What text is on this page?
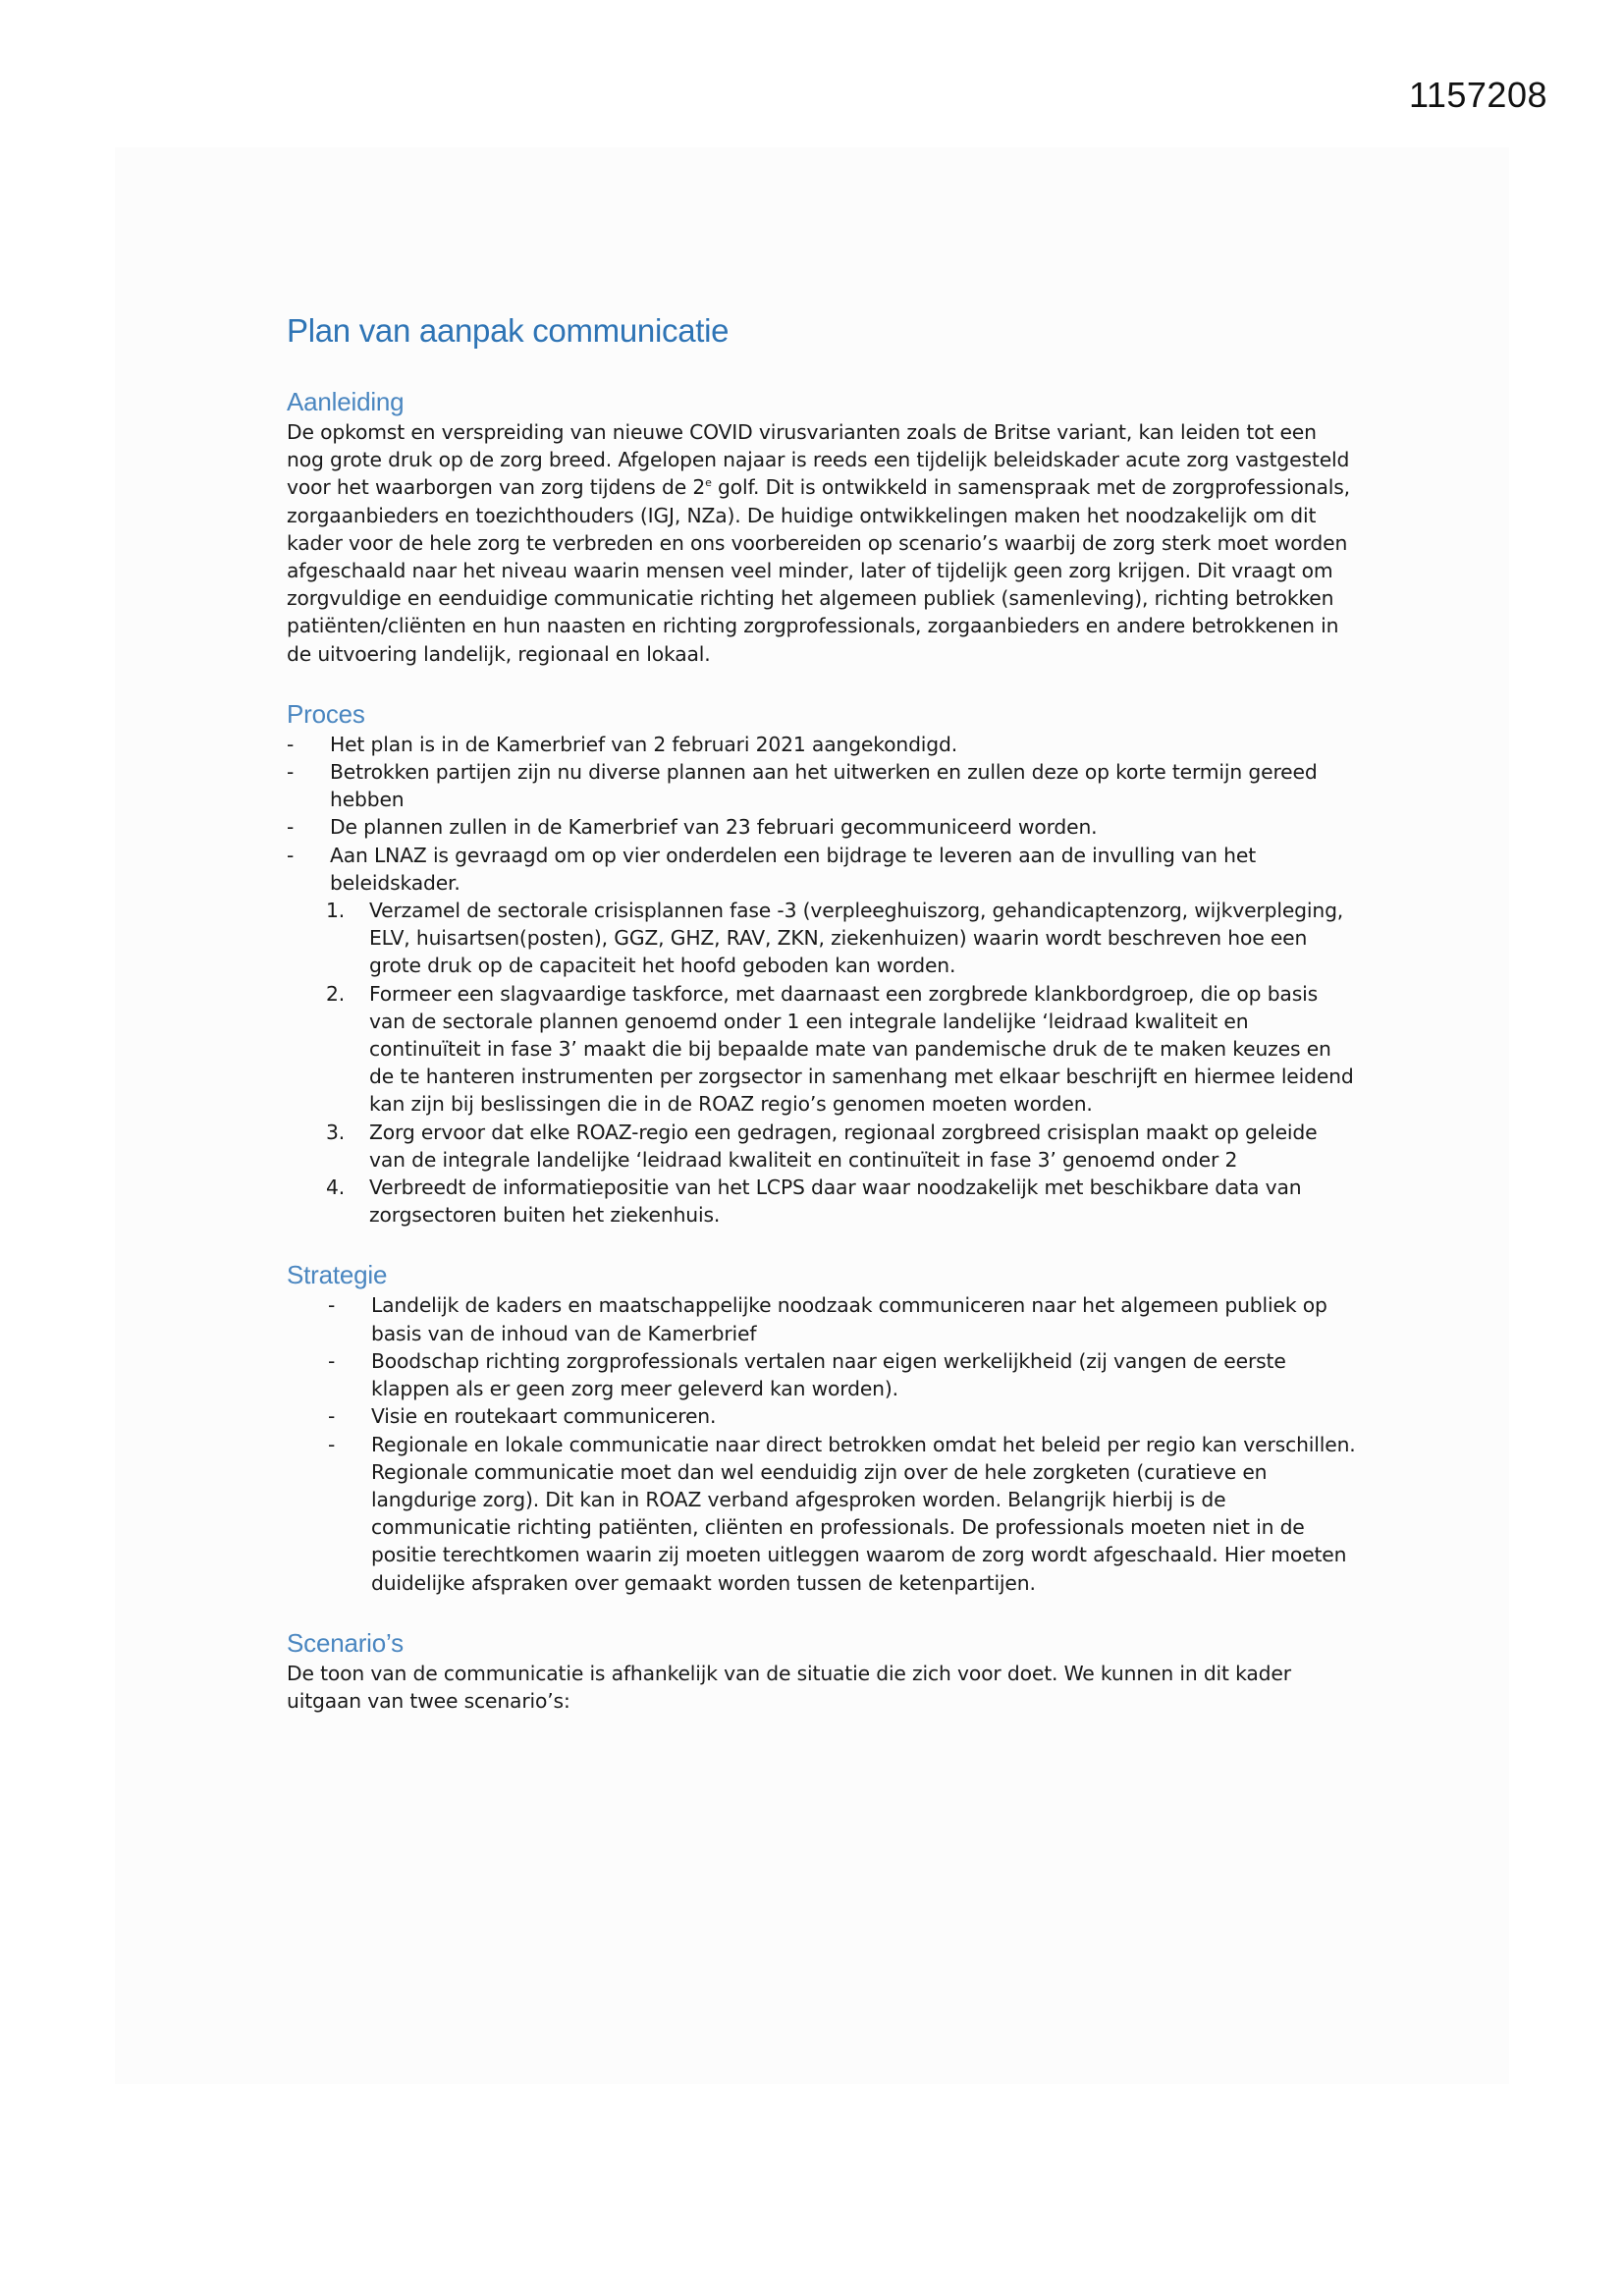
1157208
Plan van aanpak communicatie
Aanleiding

De opkomst en verspreiding van nieuwe COVID virusvarianten zoals de Britse variant, kan leiden tot een nog grote druk op de zorg breed. Afgelopen najaar is reeds een tijdelijk beleidskader acute zorg vastgesteld voor het waarborgen van zorg tijdens de 2e golf. Dit is ontwikkeld in samenspraak met de zorgprofessionals, zorgaanbieders en toezichthouders (IGJ, NZa). De huidige ontwikkelingen maken het noodzakelijk om dit kader voor de hele zorg te verbreden en ons voorbereiden op scenario’s waarbij de zorg sterk moet worden afgeschaald naar het niveau waarin mensen veel minder, later of tijdelijk geen zorg krijgen. Dit vraagt om zorgvuldige en eenduidige communicatie richting het algemeen publiek (samenleving), richting betrokken patiënten/cliënten en hun naasten en richting zorgprofessionals, zorgaanbieders en andere betrokkenen in de uitvoering landelijk, regionaal en lokaal.

Proces
-	Het plan is in de Kamerbrief van 2 februari 2021 aangekondigd.
-	Betrokken partijen zijn nu diverse plannen aan het uitwerken en zullen deze op korte termijn gereed hebben
-	De plannen zullen in de Kamerbrief van 23 februari gecommuniceerd worden.
-	Aan LNAZ is gevraagd om op vier onderdelen een bijdrage te leveren aan de invulling van het beleidskader.
1. Verzamel de sectorale crisisplannen fase -3 (verpleeghuiszorg, gehandicaptenzorg, wijkverpleging, ELV, huisartsen(posten), GGZ, GHZ, RAV, ZKN, ziekenhuizen) waarin wordt beschreven hoe een grote druk op de capaciteit het hoofd geboden kan worden.
2. Formeer een slagvaardige taskforce, met daarnaast een zorgbrede klankbordgroep, die op basis van de sectorale plannen genoemd onder 1 een integrale landelijke ‘leidraad kwaliteit en continuïteit in fase 3’ maakt die bij bepaalde mate van pandemische druk de te maken keuzes en de te hanteren instrumenten per zorgsector in samenhang met elkaar beschrijft en hiermee leidend kan zijn bij beslissingen die in de ROAZ regio’s genomen moeten worden.
3. Zorg ervoor dat elke ROAZ-regio een gedragen, regionaal zorgbreed crisisplan maakt op geleide van de integrale landelijke ‘leidraad kwaliteit en continuïteit in fase 3’ genoemd onder 2
4. Verbreedt de informatiepositie van het LCPS daar waar noodzakelijk met beschikbare data van zorgsectoren buiten het ziekenhuis.
Strategie
-	Landelijk de kaders en maatschappelijke noodzaak communiceren naar het algemeen publiek op basis van de inhoud van de Kamerbrief
-	Boodschap richting zorgprofessionals vertalen naar eigen werkelijkheid (zij vangen de eerste klappen als er geen zorg meer geleverd kan worden).
-	Visie en routekaart communiceren.
-	Regionale en lokale communicatie naar direct betrokken omdat het beleid per regio kan verschillen. Regionale communicatie moet dan wel eenduidig zijn over de hele zorgketen (curatieve en langdurige zorg). Dit kan in ROAZ verband afgesproken worden. Belangrijk hierbij is de communicatie richting patiënten, cliënten en professionals. De professionals moeten niet in de positie terechtkomen waarin zij moeten uitleggen waarom de zorg wordt afgeschaald. Hier moeten duidelijke afspraken over gemaakt worden tussen de ketenpartijen.
Scenario’s

De toon van de communicatie is afhankelijk van de situatie die zich voor doet. We kunnen in dit kader uitgaan van twee scenario’s:
